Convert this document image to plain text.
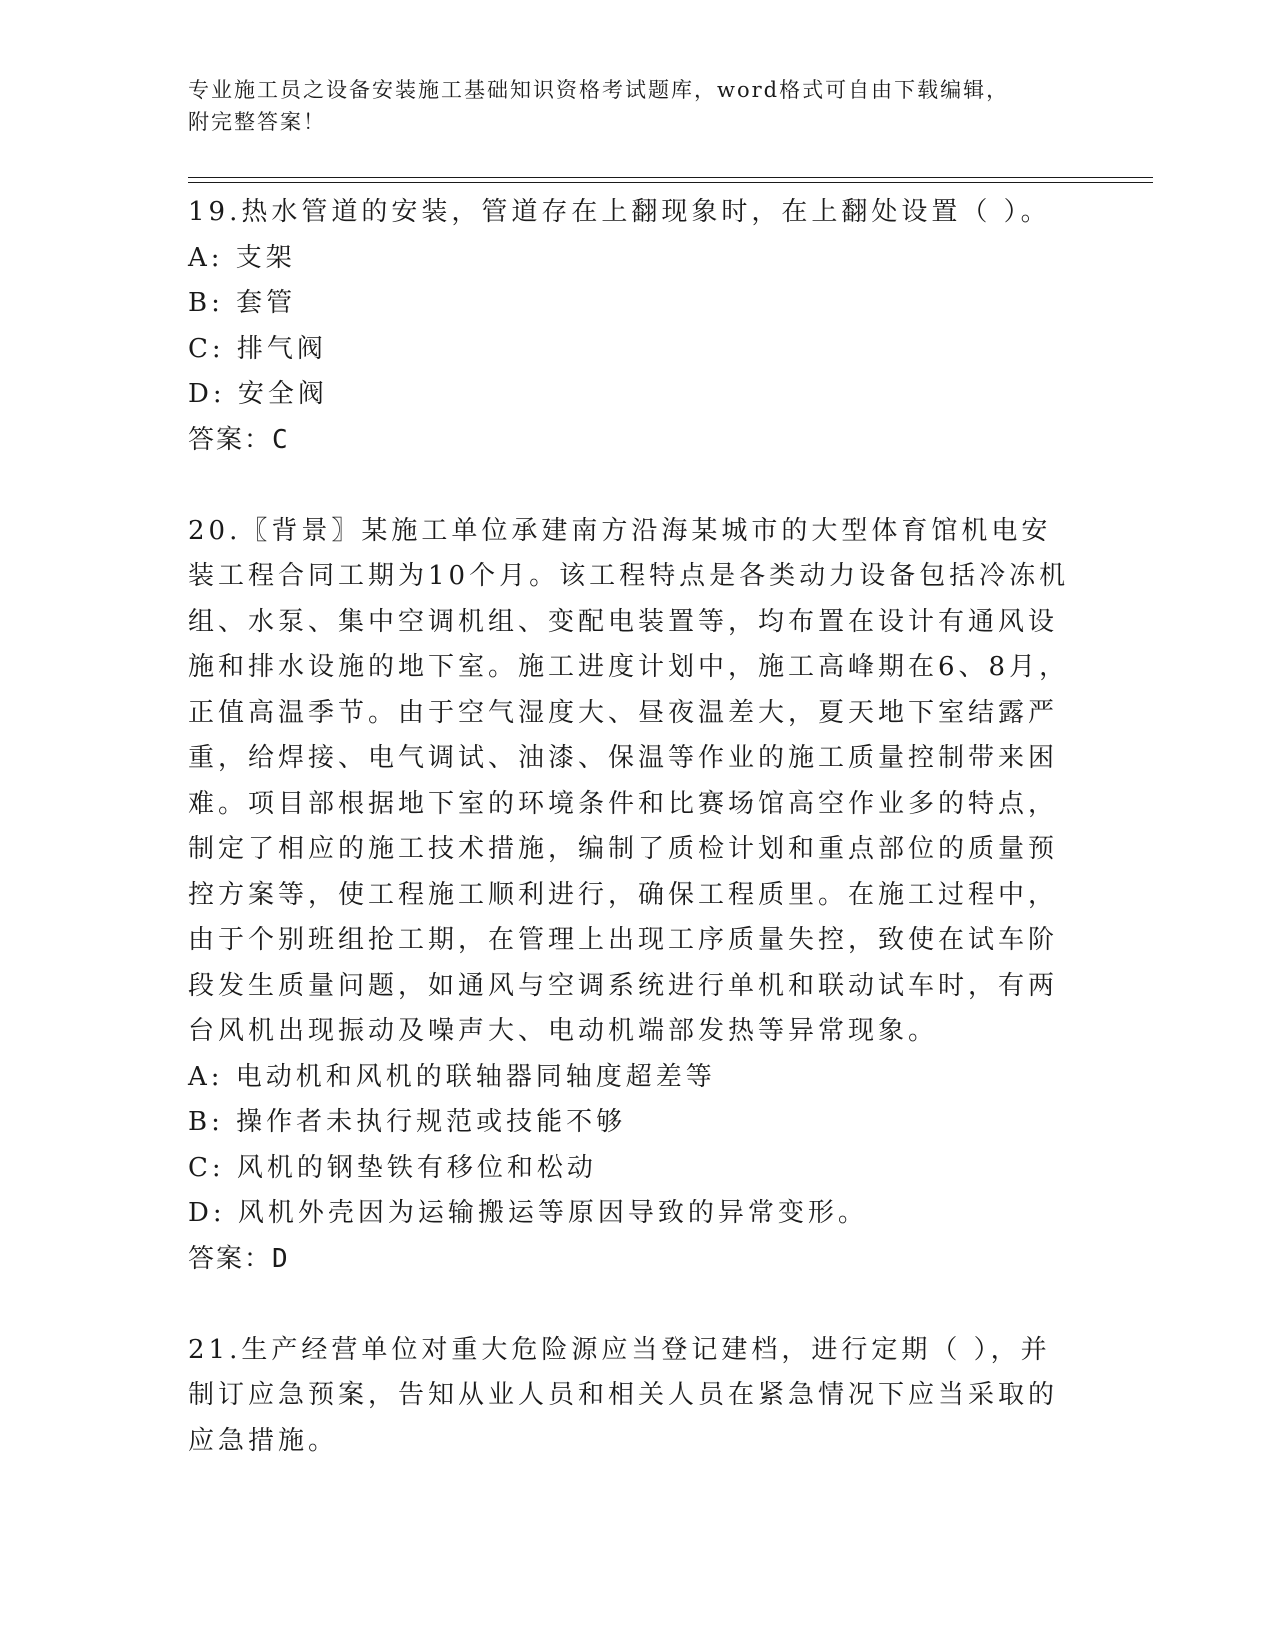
专业施工员之设备安装施工基础知识资格考试题库，word格式可自由下载编辑，
附完整答案！

19.热水管道的安装，管道存在上翻现象时，在上翻处设置（ ）。

A: 支架
B: 套管
C: 排气阀
D: 安全阀
答案：C

20.〖背景〗某施工单位承建南方沿海某城市的大型体育馆机电安装工程合同工期为10个月。该工程特点是各类动力设备包括冷冻机组、水泵、集中空调机组、变配电装置等，均布置在设计有通风设施和排水设施的地下室。施工进度计划中，施工高峰期在6、8月，正值高温季节。由于空气湿度大、昼夜温差大，夏天地下室结露严重，给焊接、电气调试、油漆、保温等作业的施工质量控制带来困难。项目部根据地下室的环境条件和比赛场馆高空作业多的特点，制定了相应的施工技术措施，编制了质检计划和重点部位的质量预控方案等，使工程施工顺利进行，确保工程质里。在施工过程中，由于个别班组抢工期，在管理上出现工序质量失控，致使在试车阶段发生质量问题，如通风与空调系统进行单机和联动试车时，有两台风机出现振动及噪声大、电动机端部发热等异常现象。

A: 电动机和风机的联轴器同轴度超差等
B: 操作者未执行规范或技能不够
C: 风机的钢垫铁有移位和松动
D: 风机外壳因为运输搬运等原因导致的异常变形。
答案：D

21.生产经营单位对重大危险源应当登记建档，进行定期（ ），并制订应急预案，告知从业人员和相关人员在紧急情况下应当采取的应急措施。
